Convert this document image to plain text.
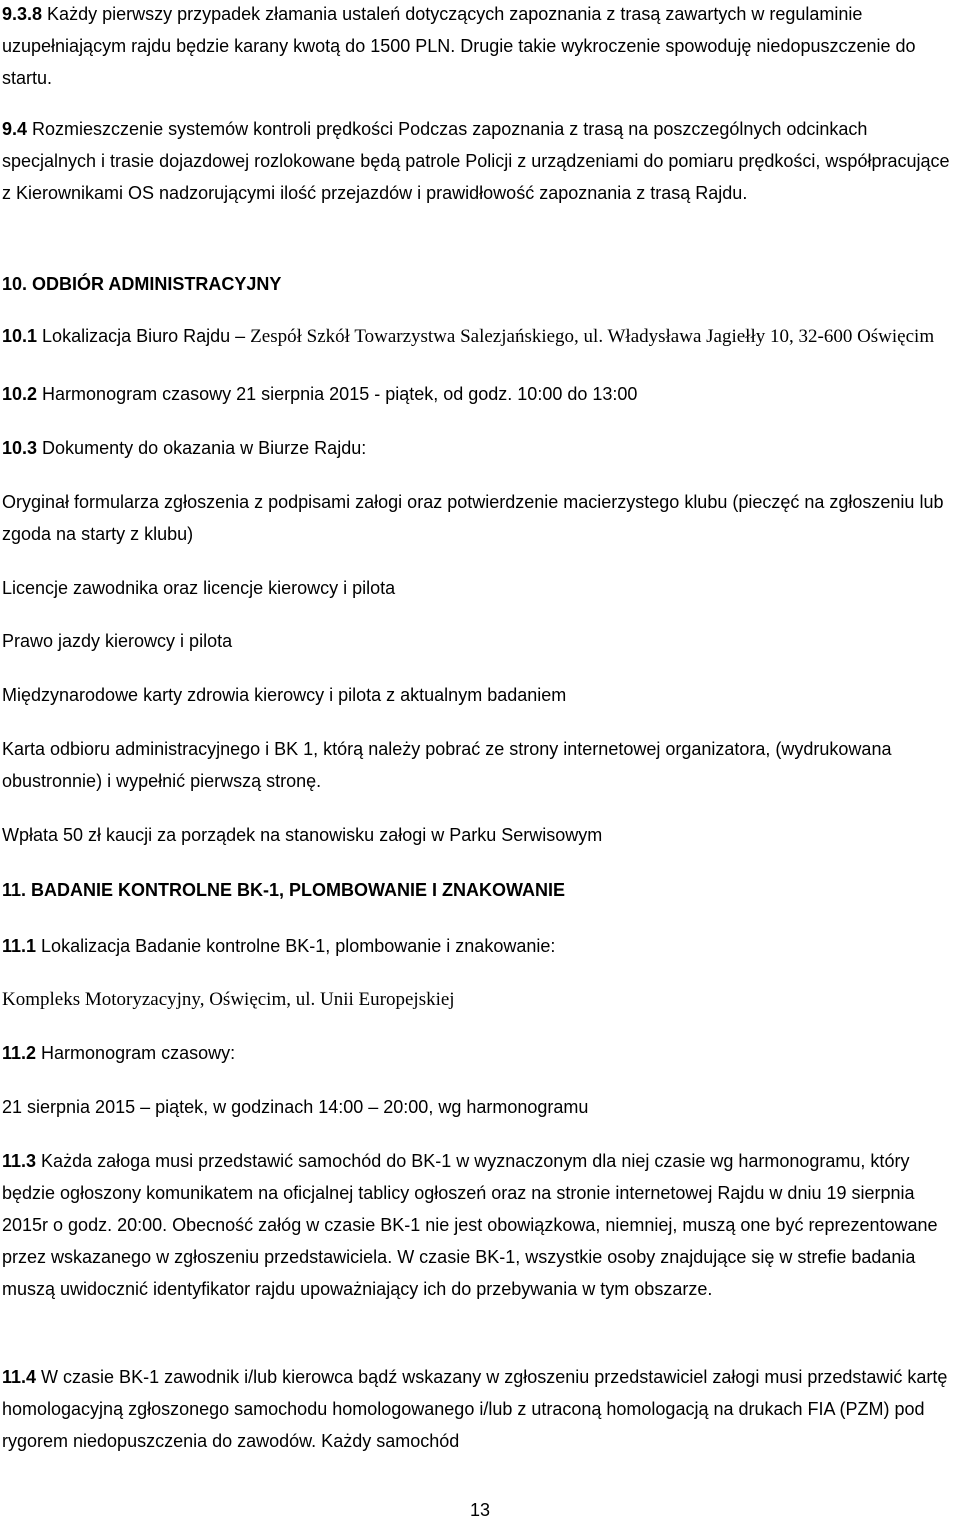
9.3.8 Każdy pierwszy przypadek złamania ustaleń dotyczących zapoznania z trasą zawartych w regulaminie uzupełniającym rajdu będzie karany kwotą do 1500 PLN. Drugie takie wykroczenie spowoduję niedopuszczenie do startu.

9.4 Rozmieszczenie systemów kontroli prędkości Podczas zapoznania z trasą na poszczególnych odcinkach specjalnych i trasie dojazdowej rozlokowane będą patrole Policji z urządzeniami do pomiaru prędkości, współpracujące z Kierownikami OS nadzorującymi ilość przejazdów i prawidłowość zapoznania z trasą Rajdu.

10. ODBIÓR ADMINISTRACYJNY

10.1 Lokalizacja Biuro Rajdu – Zespół Szkół Towarzystwa Salezjańskiego, ul. Władysława Jagiełły 10, 32-600 Oświęcim

10.2 Harmonogram czasowy 21 sierpnia 2015 - piątek, od godz. 10:00 do 13:00

10.3 Dokumenty do okazania w Biurze Rajdu:

Oryginał formularza zgłoszenia z podpisami załogi oraz potwierdzenie macierzystego klubu (pieczęć na zgłoszeniu lub zgoda na starty z klubu)

Licencje zawodnika oraz licencje kierowcy i pilota

Prawo jazdy kierowcy i pilota

Międzynarodowe karty zdrowia kierowcy i pilota z aktualnym badaniem

Karta odbioru administracyjnego i BK 1, którą należy pobrać ze strony internetowej organizatora, (wydrukowana obustronnie) i wypełnić pierwszą stronę.

Wpłata 50 zł kaucji za porządek na stanowisku załogi w Parku Serwisowym

11. BADANIE KONTROLNE BK-1, PLOMBOWANIE I ZNAKOWANIE

11.1 Lokalizacja Badanie kontrolne BK-1, plombowanie i znakowanie:

Kompleks Motoryzacyjny, Oświęcim, ul. Unii Europejskiej

11.2 Harmonogram czasowy:

21 sierpnia 2015 – piątek, w godzinach 14:00 – 20:00, wg harmonogramu

11.3 Każda załoga musi przedstawić samochód do BK-1 w wyznaczonym dla niej czasie wg harmonogramu, który będzie ogłoszony komunikatem na oficjalnej tablicy ogłoszeń oraz na stronie internetowej Rajdu w dniu 19 sierpnia 2015r o godz. 20:00. Obecność załóg w czasie BK-1 nie jest obowiązkowa, niemniej, muszą one być reprezentowane przez wskazanego w zgłoszeniu przedstawiciela. W czasie BK-1, wszystkie osoby znajdujące się w strefie badania muszą uwidocznić identyfikator rajdu upoważniający ich do przebywania w tym obszarze.

11.4 W czasie BK-1 zawodnik i/lub kierowca bądź wskazany w zgłoszeniu przedstawiciel załogi musi przedstawić kartę homologacyjną zgłoszonego samochodu homologowanego i/lub z utraconą homologacją na drukach FIA (PZM) pod rygorem niedopuszczenia do zawodów. Każdy samochód

13
